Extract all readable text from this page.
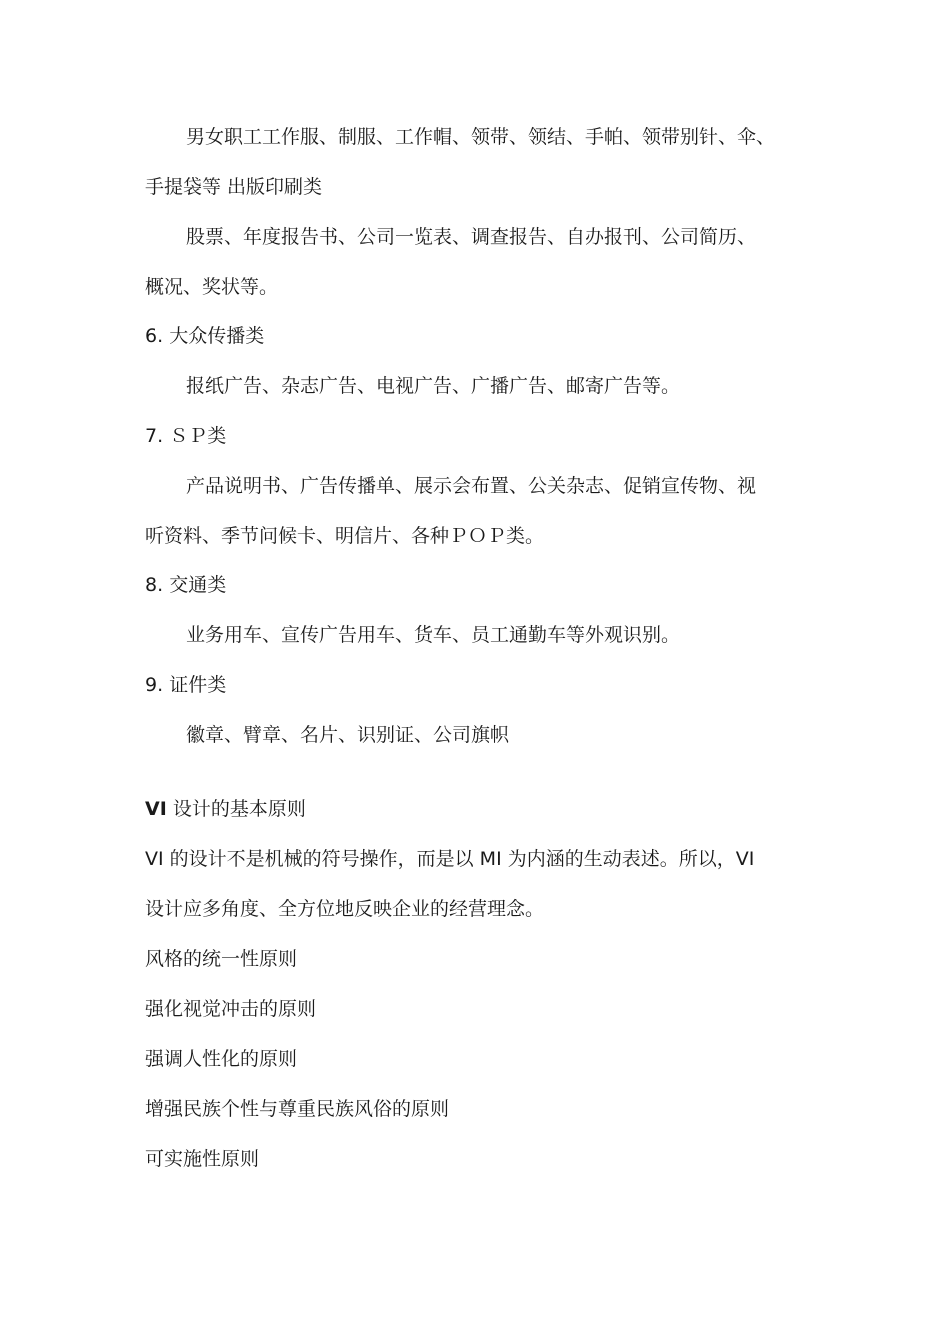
男女职工工作服、制服、工作帽、领带、领结、手帕、领带别针、伞、
手提袋等 出版印刷类
股票、年度报告书、公司一览表、调查报告、自办报刊、公司简历、
概况、奖状等。
6. 大众传播类
报纸广告、杂志广告、电视广告、广播广告、邮寄广告等。
7. ＳＰ类
产品说明书、广告传播单、展示会布置、公关杂志、促销宣传物、视
听资料、季节问候卡、明信片、各种ＰＯＰ类。
8. 交通类
业务用车、宣传广告用车、货车、员工通勤车等外观识别。
9. 证件类
徽章、臂章、名片、识别证、公司旗帜
VI 设计的基本原则
VI 的设计不是机械的符号操作，而是以 MI 为内涵的生动表述。所以，VI
设计应多角度、全方位地反映企业的经营理念。
风格的统一性原则
强化视觉冲击的原则
强调人性化的原则
增强民族个性与尊重民族风俗的原则
可实施性原则
